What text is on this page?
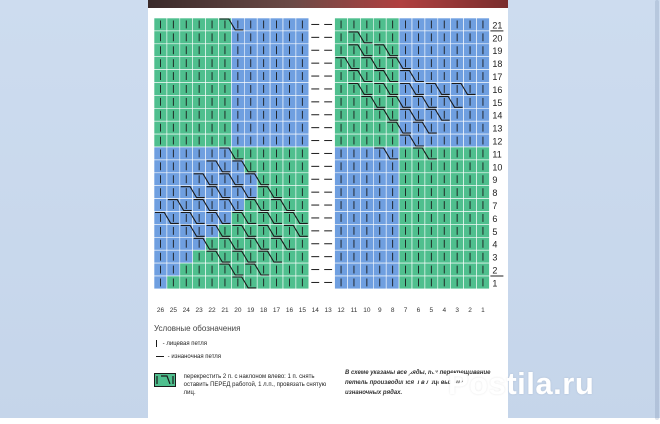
21
20
19
18
17
16
15
14
13
12
11
10
9
8
7
6
5
4
3
2
1
26 25 24 23 22 21 20 19 18 17 16 15 14 13 12 11 10 9 8 7 6 5 4 3 2 1
Условные обозначения
- лицевая петля
- изнаночная петля
перекрестить 2 п. с наклоном влево: 1 п. снять оставить ПЕРЕД работой, 1 л.п., провязать снятую лиц.
В схеме указаны все ряды, т.к перекрещивание петель производится и в лицевых, и в изнаночных рядах.	Postila.ru
